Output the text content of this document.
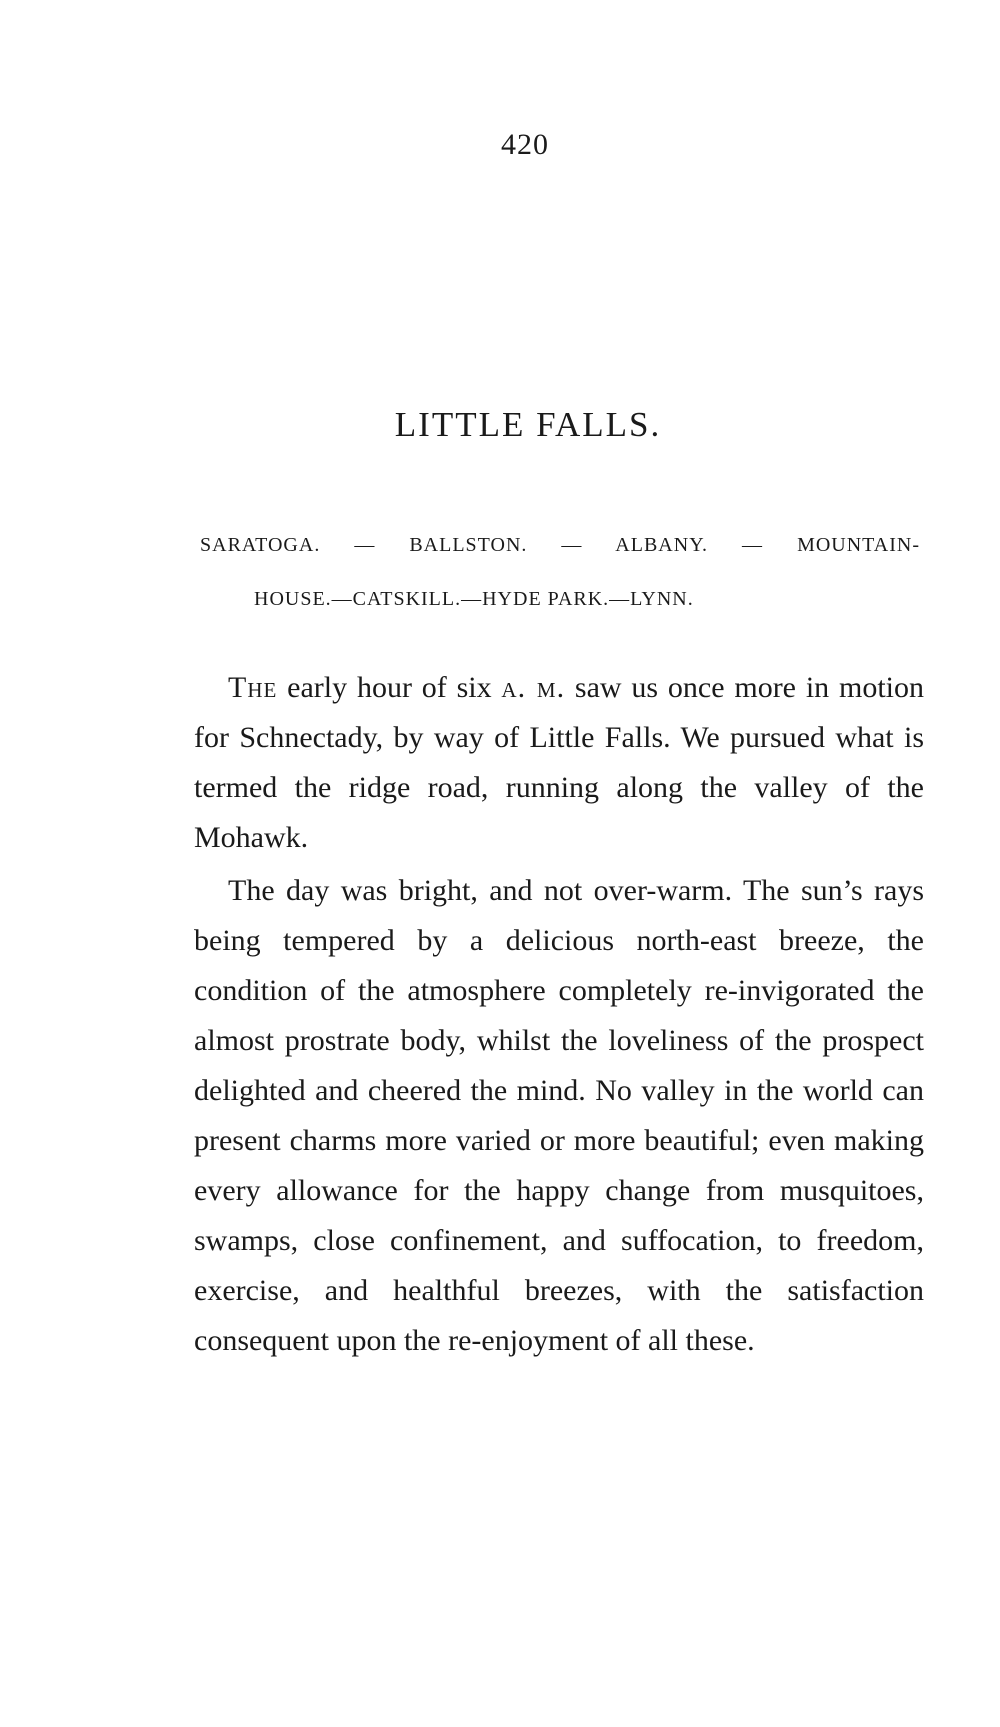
420
LITTLE FALLS.
SARATOGA. — BALLSTON. — ALBANY. — MOUNTAIN-
HOUSE.—CATSKILL.—HYDE PARK.—LYNN.

The early hour of six a. m. saw us once more in motion for Schnectady, by way of Little Falls. We pursued what is termed the ridge road, running along the valley of the Mohawk.

The day was bright, and not over-warm. The sun’s rays being tempered by a delicious north-east breeze, the condition of the atmosphere completely re-invigorated the almost prostrate body, whilst the loveliness of the prospect delighted and cheered the mind. No valley in the world can present charms more varied or more beautiful; even making every allowance for the happy change from musquitoes, swamps, close confinement, and suffocation, to freedom, exercise, and healthful breezes, with the satisfaction consequent upon the re-enjoyment of all these.
